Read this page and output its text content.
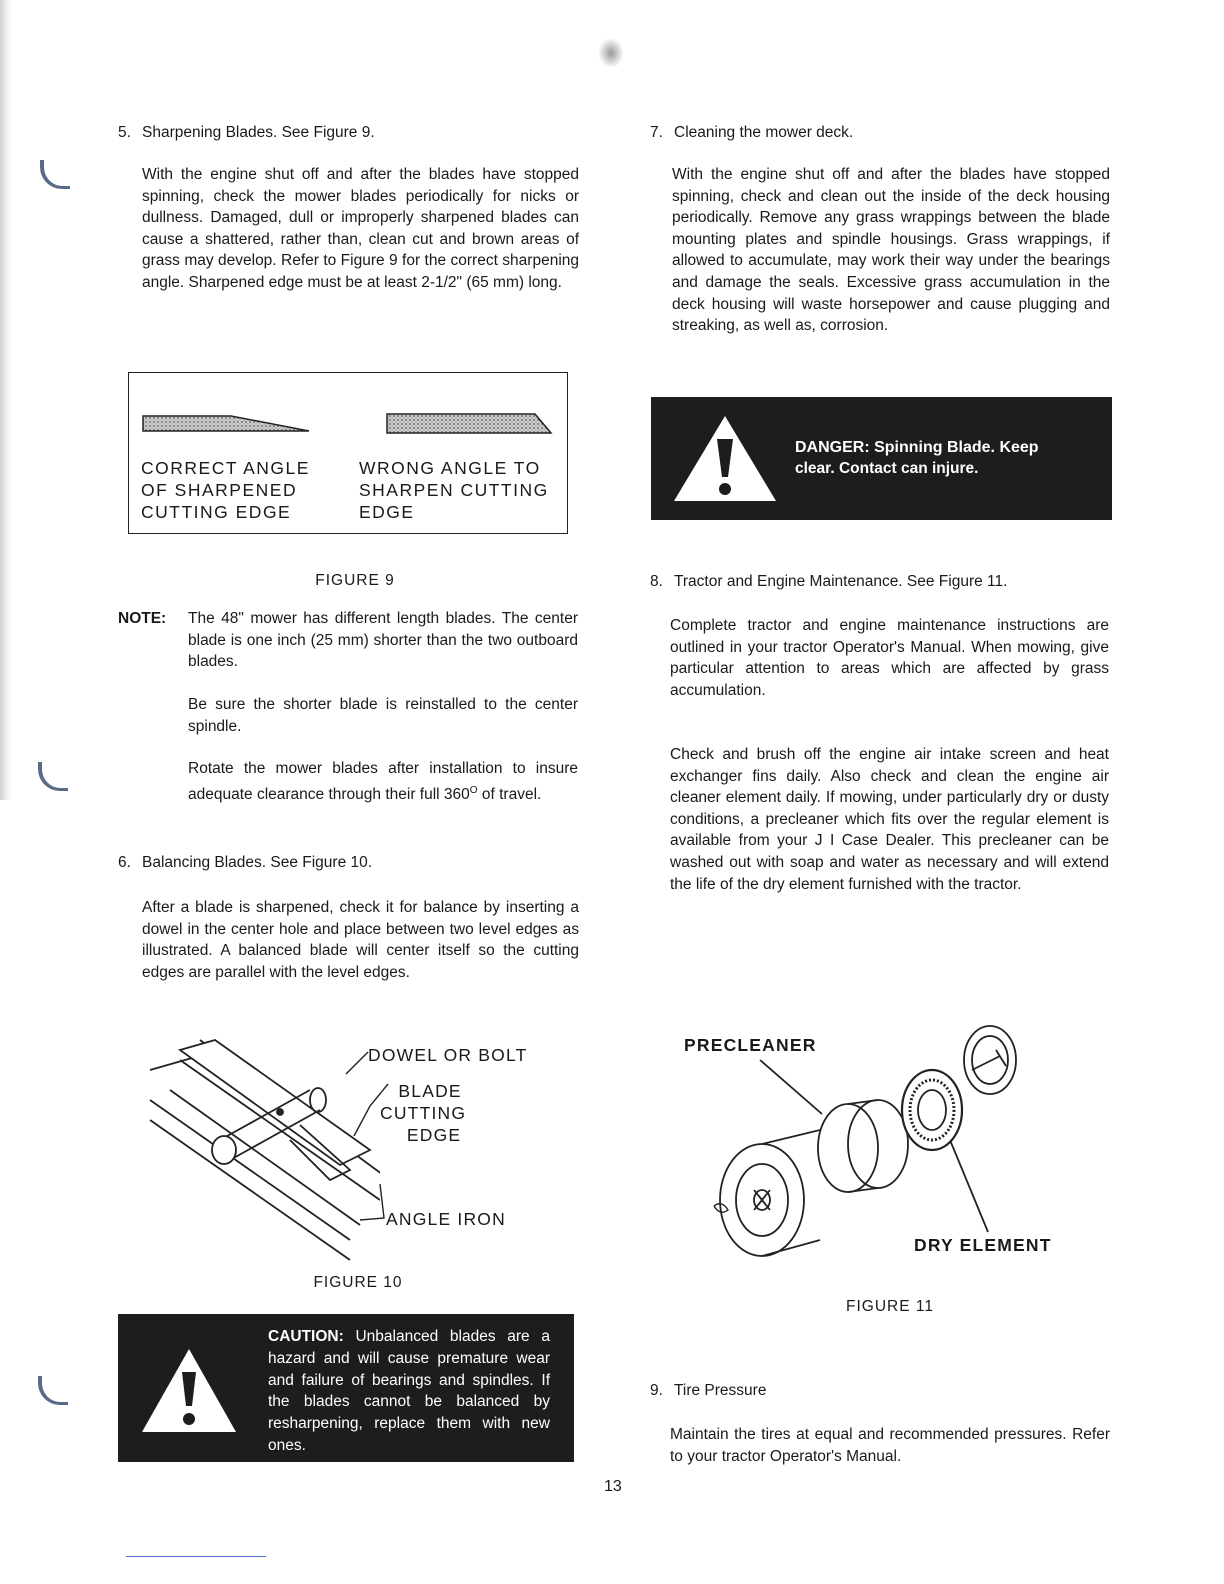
5. Sharpening Blades. See Figure 9.

With the engine shut off and after the blades have stopped spinning, check the mower blades periodically for nicks or dullness. Damaged, dull or improperly sharpened blades can cause a shattered, rather than, clean cut and brown areas of grass may develop. Refer to Figure 9 for the correct sharpening angle. Sharpened edge must be at least 2-1/2" (65 mm) long.

CORRECT ANGLE
OF SHARPENED
CUTTING EDGE
WRONG ANGLE TO
SHARPEN CUTTING
EDGE
FIGURE 9
NOTE: The 48" mower has different length blades. The center blade is one inch (25 mm) shorter than the two outboard blades.

Be sure the shorter blade is reinstalled to the center spindle.

Rotate the mower blades after installation to insure adequate clearance through their full $360^O$ of travel.

6. Balancing Blades. See Figure 10.

After a blade is sharpened, check it for balance by inserting a dowel in the center hole and place between two level edges as illustrated. A balanced blade will center itself so the cutting edges are parallel with the level edges.

DOWEL OR BOLT
BLADE
CUTTING
EDGE
ANGLE IRON
FIGURE 10

CAUTION: Unbalanced blades are a hazard and will cause premature wear and failure of bearings and spindles. If the blades cannot be balanced by resharpening, replace them with new ones.

7. Cleaning the mower deck.

With the engine shut off and after the blades have stopped spinning, check and clean out the inside of the deck housing periodically. Remove any grass wrappings between the blade mounting plates and spindle housings. Grass wrappings, if allowed to accumulate, may work their way under the bearings and damage the seals. Excessive grass accumulation in the deck housing will waste horsepower and cause plugging and streaking, as well as, corrosion.

DANGER: Spinning Blade. Keep
clear. Contact can injure.
8. Tractor and Engine Maintenance. See Figure 11.

Complete tractor and engine maintenance instructions are outlined in your tractor Operator's Manual. When mowing, give particular attention to areas which are affected by grass accumulation.

Check and brush off the engine air intake screen and heat exchanger fins daily. Also check and clean the engine air cleaner element daily. If mowing, under particularly dry or dusty conditions, a precleaner which fits over the regular element is available from your J I Case Dealer. This precleaner can be washed out with soap and water as necessary and will extend the life of the dry element furnished with the tractor.

PRECLEANER
DRY ELEMENT
FIGURE 11
9. Tire Pressure

Maintain the tires at equal and recommended pressures. Refer to your tractor Operator's Manual.

13
